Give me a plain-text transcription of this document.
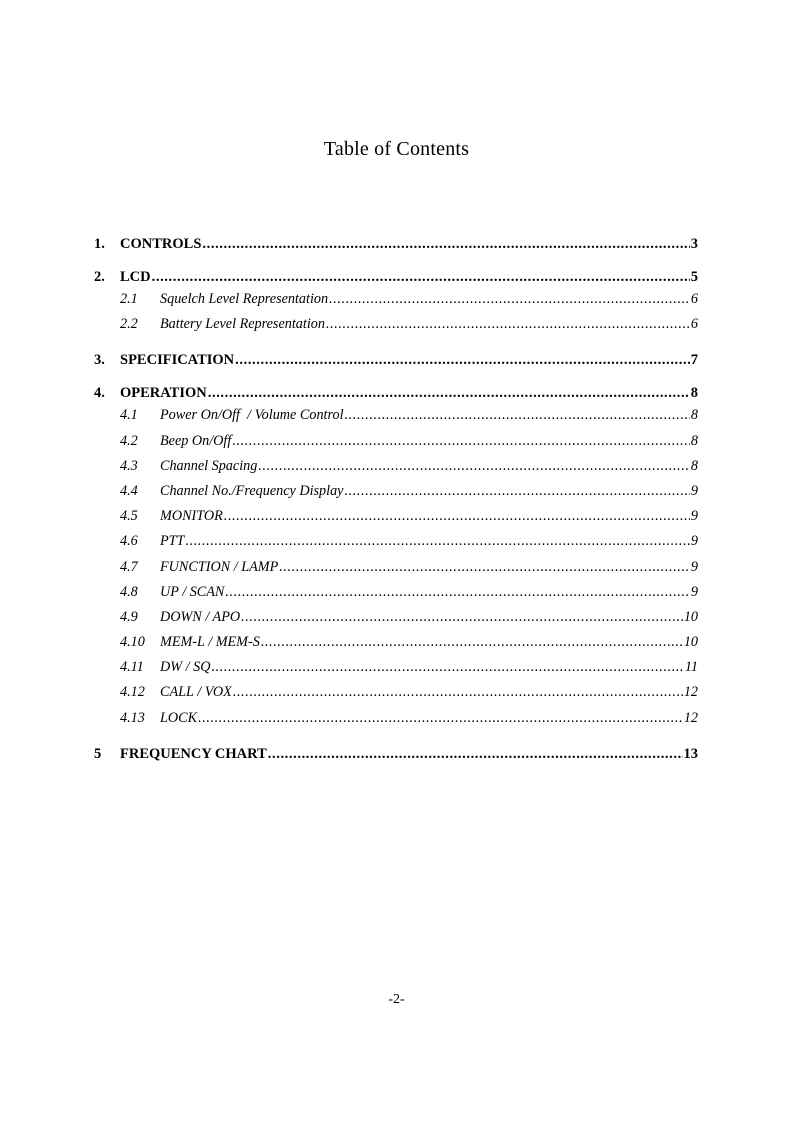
Table of Contents
1.	CONTROLS .....	3
2.	LCD .....	5
2.1	Squelch Level Representation .....	6
2.2	Battery Level Representation .....	6
3.	SPECIFICATION .....	7
4.	OPERATION .....	8
4.1	Power On/Off  / Volume Control .....	8
4.2	Beep On/Off .....	8
4.3	Channel Spacing .....	8
4.4	Channel No./Frequency Display .....	9
4.5	MONITOR .....	9
4.6	PTT .....	9
4.7	FUNCTION / LAMP .....	9
4.8	UP / SCAN .....	9
4.9	DOWN / APO .....	10
4.10	MEM-L / MEM-S .....	10
4.11	DW / SQ .....	11
4.12	CALL / VOX .....	12
4.13	LOCK .....	12
5	FREQUENCY CHART .....	13
-2-
